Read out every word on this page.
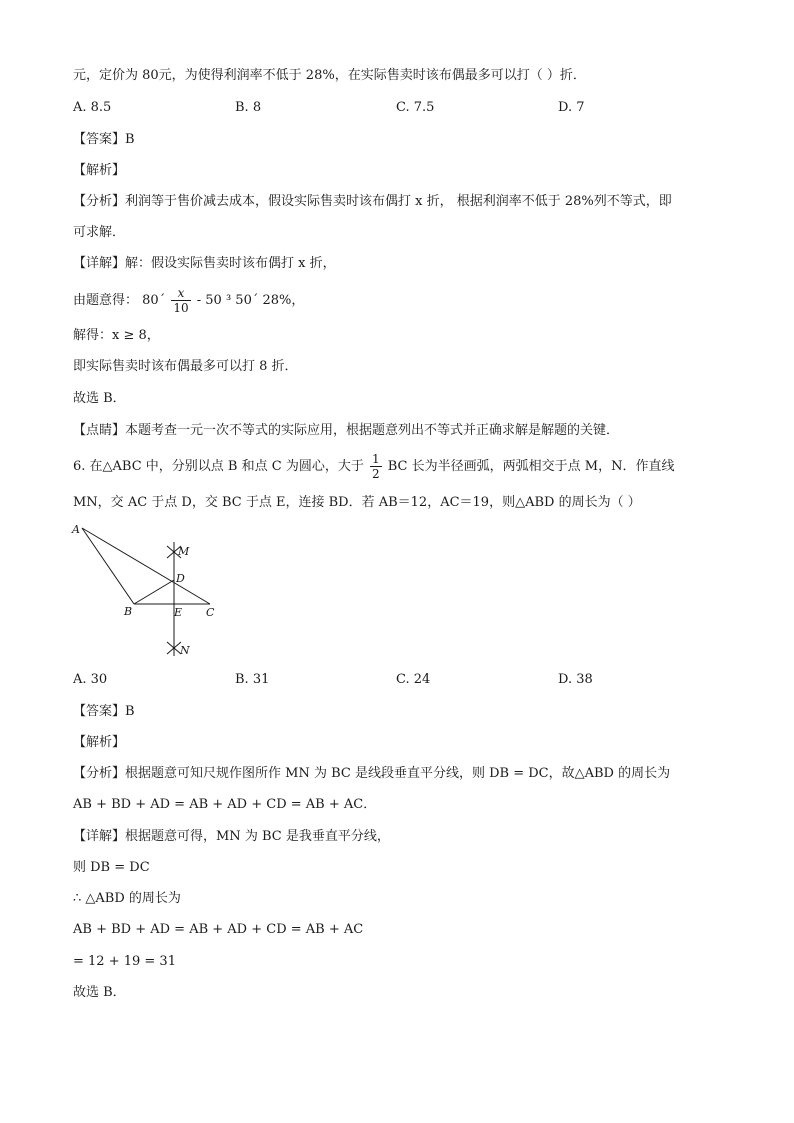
元，定价为 80元，为使得利润率不低于 28%，在实际售卖时该布偶最多可以打（ ）折．
A. 8.5	B. 8	C. 7.5	D. 7
【答案】B
【解析】
【分析】利润等于售价减去成本，假设实际售卖时该布偶打 x 折， 根据利润率不低于 28%列不等式，即
可求解．
【详解】解：假设实际售卖时该布偶打 x 折，
由题意得： 80´ $\frac{x}{10} - 50$ ³ 50´ 28%，
解得：x ≥ 8，
即实际售卖时该布偶最多可以打 8 折．
故选 B．
【点睛】本题考查一元一次不等式的实际应用，根据题意列出不等式并正确求解是解题的关键．
6. 在△ABC 中，分别以点 B 和点 C 为圆心，大于 $\frac{1}{2}$ BC 长为半径画弧，两弧相交于点 M，N．作直线
MN，交 AC 于点 D，交 BC 于点 E，连接 BD．若 AB＝12，AC＝19，则△ABD 的周长为（ ）
A
B	C
D
E
M
N
A. 30	B. 31	C. 24	D. 38
【答案】B
【解析】
【分析】根据题意可知尺规作图所作 MN 为 BC 是线段垂直平分线，则 DB = DC，故△ABD 的周长为
AB + BD + AD = AB + AD + CD = AB + AC．
【详解】根据题意可得，MN 为 BC 是我垂直平分线，
则 DB = DC
∴ △ABD 的周长为
AB + BD + AD = AB + AD + CD = AB + AC
= 12 + 19 = 31
故选 B．
